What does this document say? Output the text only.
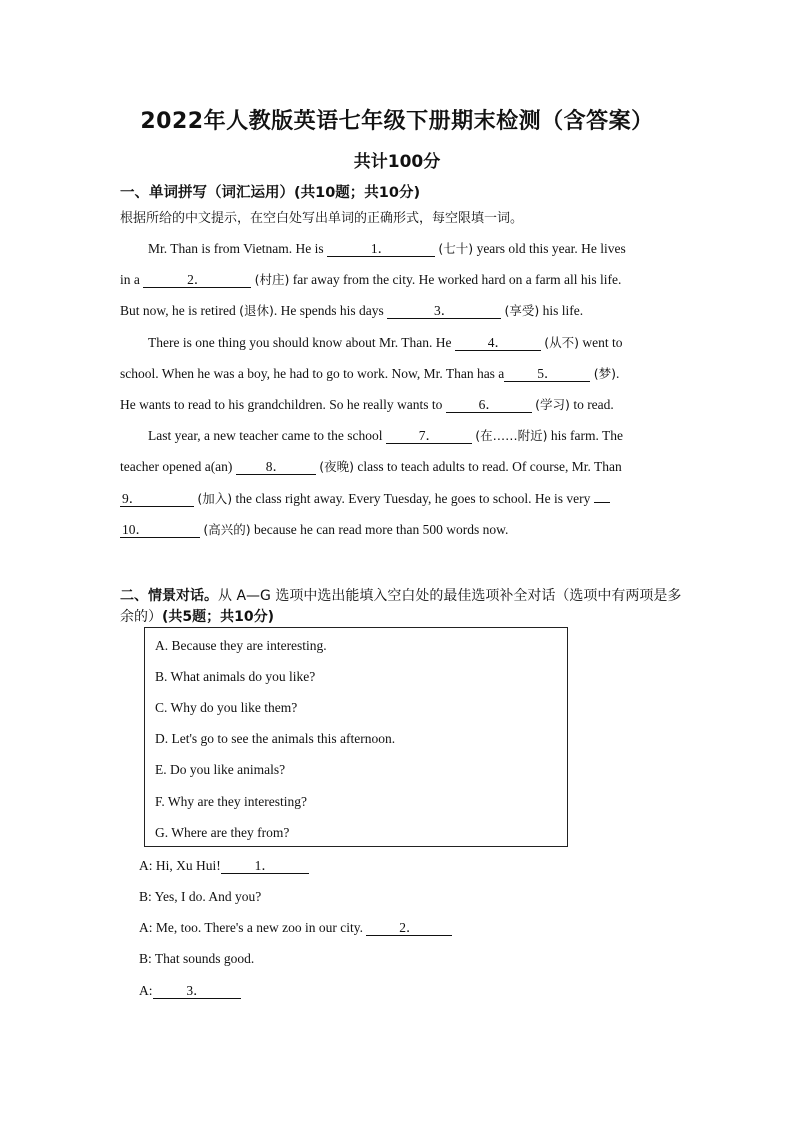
2022年人教版英语七年级下册期末检测（含答案）
共计100分
一、单词拼写（词汇运用）(共10题；共10分)
根据所给的中文提示，在空白处写出单词的正确形式，每空限填一词。
Mr. Than is from Vietnam. He is	1．	(七十) years old this year. He lives
in a	2．	(村庄) far away from the city. He worked hard on a farm all his life.
But now, he is retired (退休). He spends his days	3．	(享受) his life.
There is one thing you should know about Mr. Than. He 4．	(从不) went to
school. When he was a boy, he had to go to work. Now, Mr. Than has a 5．	(梦).
He wants to read to his grandchildren. So he really wants to 6．	(学习) to read.
Last year, a new teacher came to the school 7．	(在……附近) his farm. The
teacher opened a(an) 8．	(夜晚) class to teach adults to read. Of course, Mr. Than
9．	(加入) the class right away. Every Tuesday, he goes to school. He is very
10．	(高兴的) because he can read more than 500 words now.
二、情景对话。从 A—G 选项中选出能填入空白处的最佳选项补全对话（选项中有两项是多余的）(共5题；共10分)
A. Because they are interesting.
B. What animals do you like?
C. Why do you like them?
D. Let's go to see the animals this afternoon.
E. Do you like animals?
F. Why are they interesting?
G. Where are they from?
A: Hi, Xu Hui!	1．
B: Yes, I do. And you?
A: Me, too. There's a new zoo in our city. 2．
B: That sounds good.
A:	3．
